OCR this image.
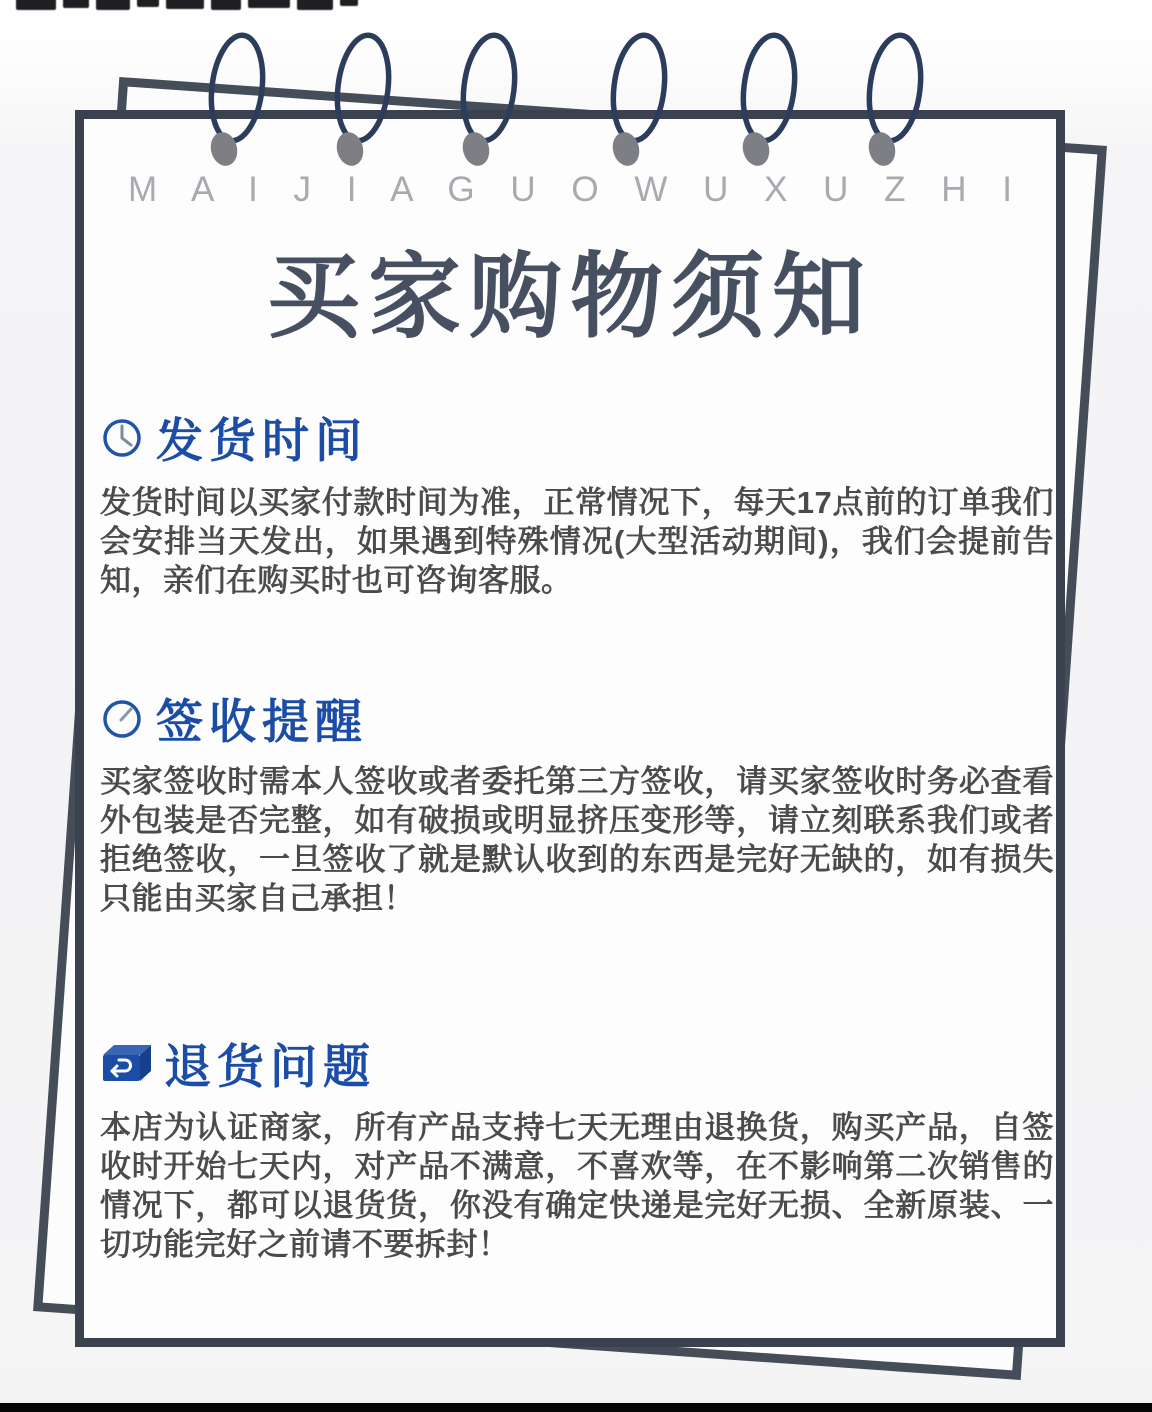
M A I J I A G U O W U X U Z H I
买家购物须知
发货时间
发货时间以买家付款时间为准，正常情况下，每天17点前的订单我们会安排当天发出，如果遇到特殊情况(大型活动期间)，我们会提前告知，亲们在购买时也可咨询客服。
签收提醒
买家签收时需本人签收或者委托第三方签收，请买家签收时务必查看外包装是否完整，如有破损或明显挤压变形等，请立刻联系我们或者拒绝签收，一旦签收了就是默认收到的东西是完好无缺的，如有损失只能由买家自己承担！
退货问题
本店为认证商家，所有产品支持七天无理由退换货，购买产品，自签收时开始七天内，对产品不满意，不喜欢等，在不影响第二次销售的情况下，都可以退货货，你没有确定快递是完好无损、全新原装、一切功能完好之前请不要拆封！
